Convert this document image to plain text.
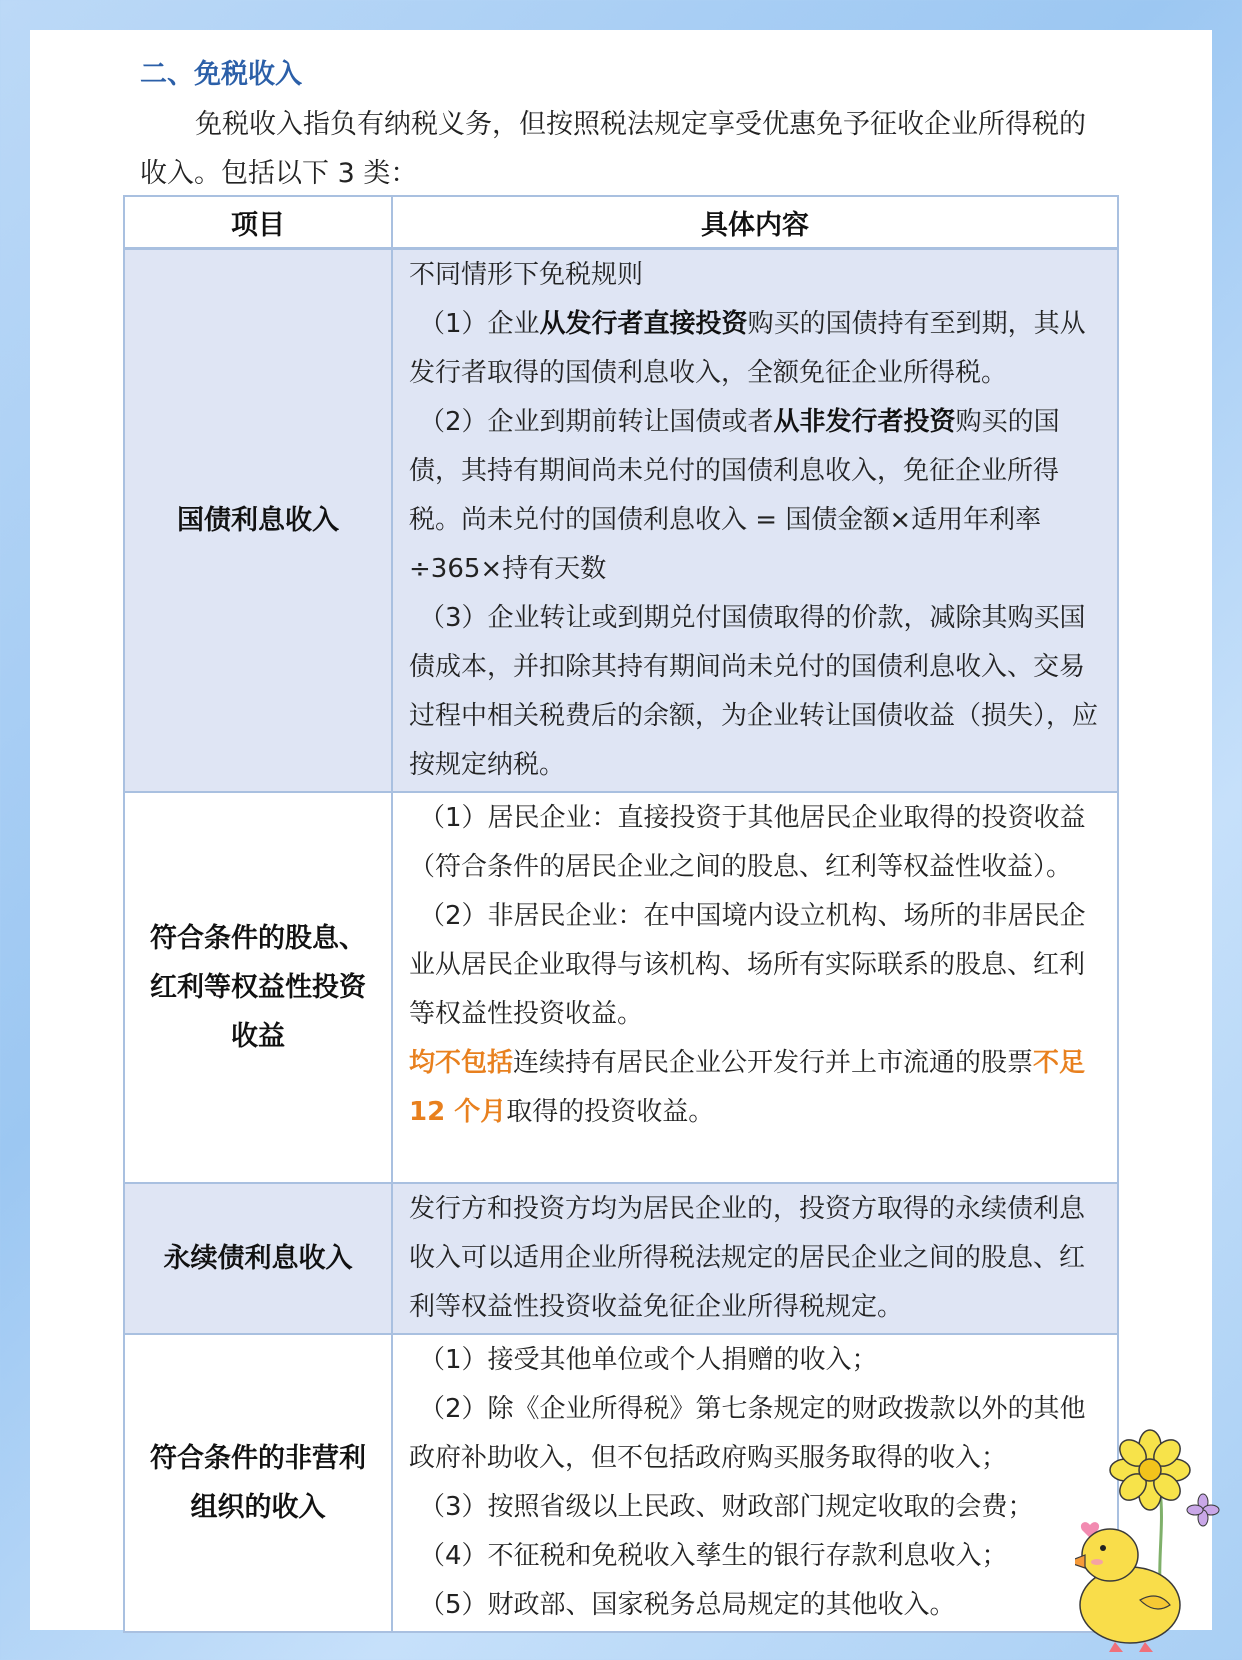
二、免税收入

免税收入指负有纳税义务，但按照税法规定享受优惠免予征收企业所得税的收入。包括以下 3 类：

项目	具体内容
国债利息收入	不同情形下免税规则

（1）企业从发行者直接投资购买的国债持有至到期，其从发行者取得的国债利息收入，全额免征企业所得税。

（2）企业到期前转让国债或者从非发行者投资购买的国债，其持有期间尚未兑付的国债利息收入，免征企业所得税。尚未兑付的国债利息收入 = 国债金额×适用年利率÷365×持有天数

（3）企业转让或到期兑付国债取得的价款，减除其购买国债成本，并扣除其持有期间尚未兑付的国债利息收入、交易过程中相关税费后的余额，为企业转让国债收益（损失），应按规定纳税。

符合条件的股息、红利等权益性投资收益	（1）居民企业：直接投资于其他居民企业取得的投资收益（符合条件的居民企业之间的股息、红利等权益性收益）。

（2）非居民企业：在中国境内设立机构、场所的非居民企业从居民企业取得与该机构、场所有实际联系的股息、红利等权益性投资收益。

均不包括连续持有居民企业公开发行并上市流通的股票不足 12 个月取得的投资收益。

永续债利息收入	发行方和投资方均为居民企业的，投资方取得的永续债利息收入可以适用企业所得税法规定的居民企业之间的股息、红利等权益性投资收益免征企业所得税规定。
符合条件的非营利组织的收入	（1）接受其他单位或个人捐赠的收入；

（2）除《企业所得税》第七条规定的财政拨款以外的其他政府补助收入，但不包括政府购买服务取得的收入；

（3）按照省级以上民政、财政部门规定收取的会费；

（4）不征税和免税收入孳生的银行存款利息收入；

（5）财政部、国家税务总局规定的其他收入。
